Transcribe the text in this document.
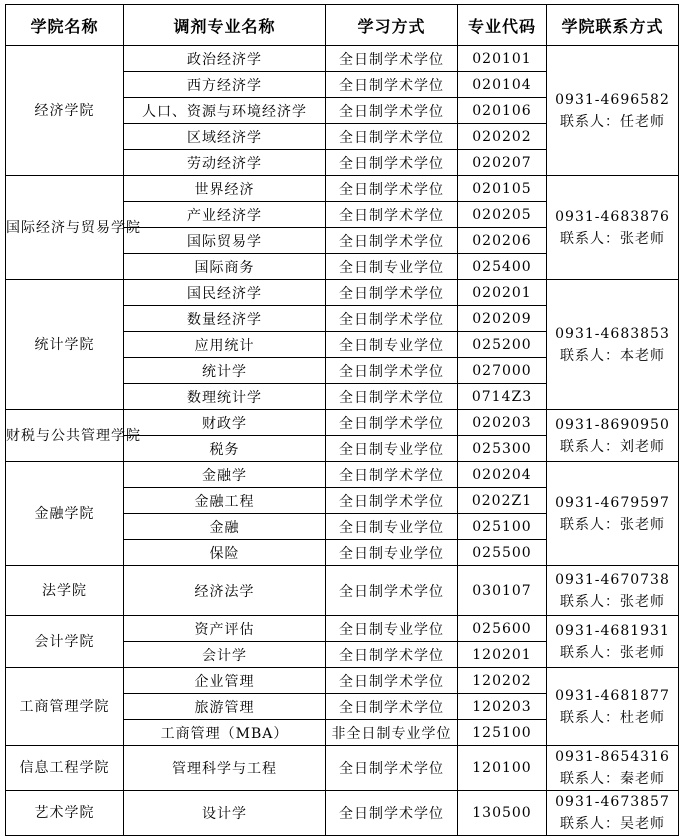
学院名称	调剂专业名称	学习方式	专业代码	学院联系方式
经济学院	政治经济学	全日制学术学位	020101	0931-4696582
联系人：任老师

	西方经济学	全日制学术学位	020104	
	人口、资源与环境经济学	全日制学术学位	020106	
	区域经济学	全日制学术学位	020202	
	劳动经济学	全日制学术学位	020207	
国际经济与贸易学院	世界经济	全日制学术学位	020105	0931-4683876
联系人：张老师

	产业经济学	全日制学术学位	020205	
	国际贸易学	全日制学术学位	020206	
	国际商务	全日制专业学位	025400	
统计学院	国民经济学	全日制学术学位	020201	0931-4683853
联系人：本老师

	数量经济学	全日制学术学位	020209	
	应用统计	全日制专业学位	025200	
	统计学	全日制学术学位	027000	
	数理统计学	全日制学术学位	0714Z3	
财税与公共管理学院	财政学	全日制学术学位	020203	0931-8690950
联系人：刘老师

	税务	全日制专业学位	025300	
金融学院	金融学	全日制学术学位	020204	0931-4679597
联系人：张老师

	金融工程	全日制学术学位	0202Z1	
	金融	全日制专业学位	025100	
	保险	全日制专业学位	025500	
法学院	经济法学	全日制学术学位	030107	0931-4670738
联系人：张老师

会计学院	资产评估	全日制专业学位	025600	0931-4681931
联系人：张老师

	会计学	全日制学术学位	120201	
工商管理学院	企业管理	全日制学术学位	120202	0931-4681877
联系人：杜老师

	旅游管理	全日制学术学位	120203	
	工商管理（MBA）	非全日制专业学位	125100	
信息工程学院	管理科学与工程	全日制学术学位	120100	0931-8654316
联系人：秦老师

艺术学院	设计学	全日制学术学位	130500	0931-4673857
联系人：吴老师
